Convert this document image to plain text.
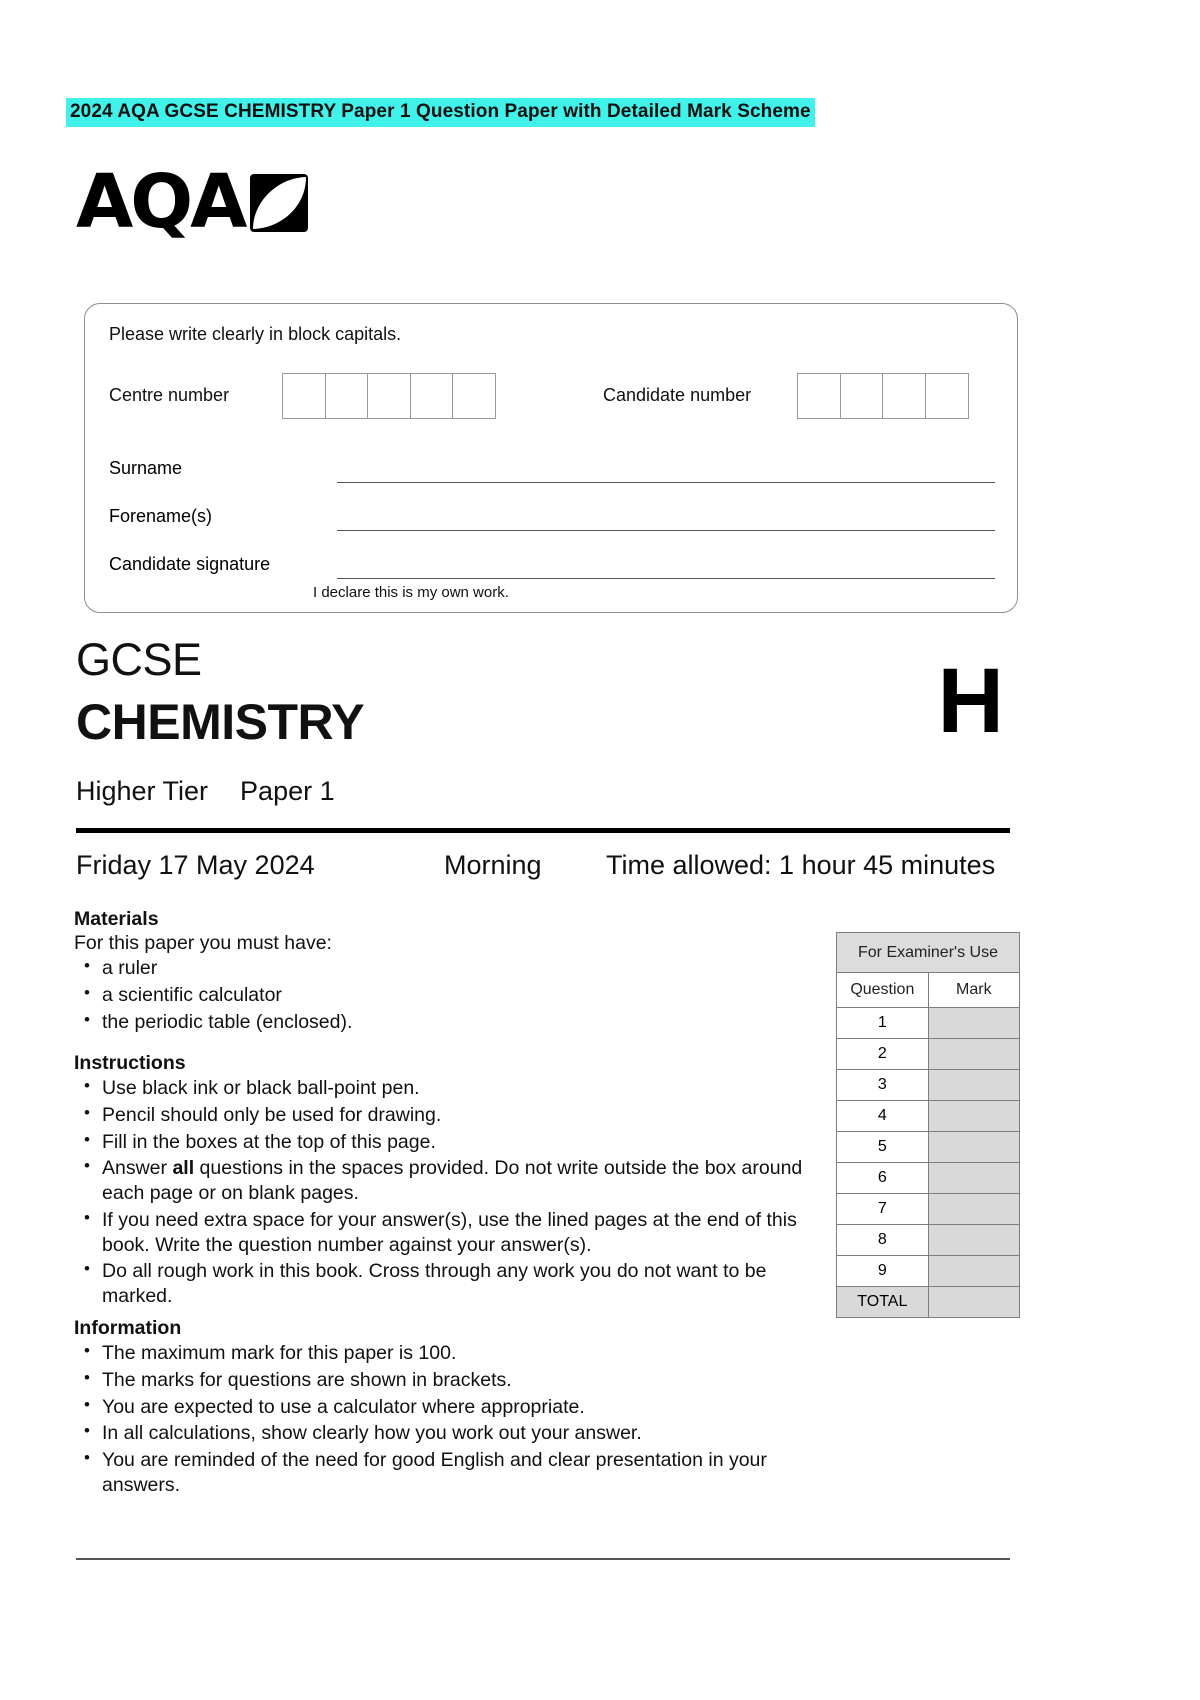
2024 AQA GCSE CHEMISTRY Paper 1 Question Paper with Detailed Mark Scheme
AQA
Please write clearly in block capitals.
Centre number	Candidate number
Surname
Forename(s)
Candidate signature
I declare this is my own work.
GCSE
CHEMISTRY
Higher Tier Paper 1
H
Friday 17 May 2024	Morning Time allowed: 1 hour 45 minutes
Materials

For this paper you must have:

• a ruler
• a scientific calculator
• the periodic table (enclosed).
Instructions
• Use black ink or black ball-point pen.
• Pencil should only be used for drawing.
• Fill in the boxes at the top of this page.
• Answer all questions in the spaces provided. Do not write outside the box around each page or on blank pages.
• If you need extra space for your answer(s), use the lined pages at the end of this book. Write the question number against your answer(s).
• Do all rough work in this book. Cross through any work you do not want to be marked.
Information
• The maximum mark for this paper is 100.
• The marks for questions are shown in brackets.
• You are expected to use a calculator where appropriate.
• In all calculations, show clearly how you work out your answer.
• You are reminded of the need for good English and clear presentation in your answers.
For Examiner's Use	
Question	Mark
1	
2	
3	
4	
5	
6	
7	
8	
9	
TOTAL	
